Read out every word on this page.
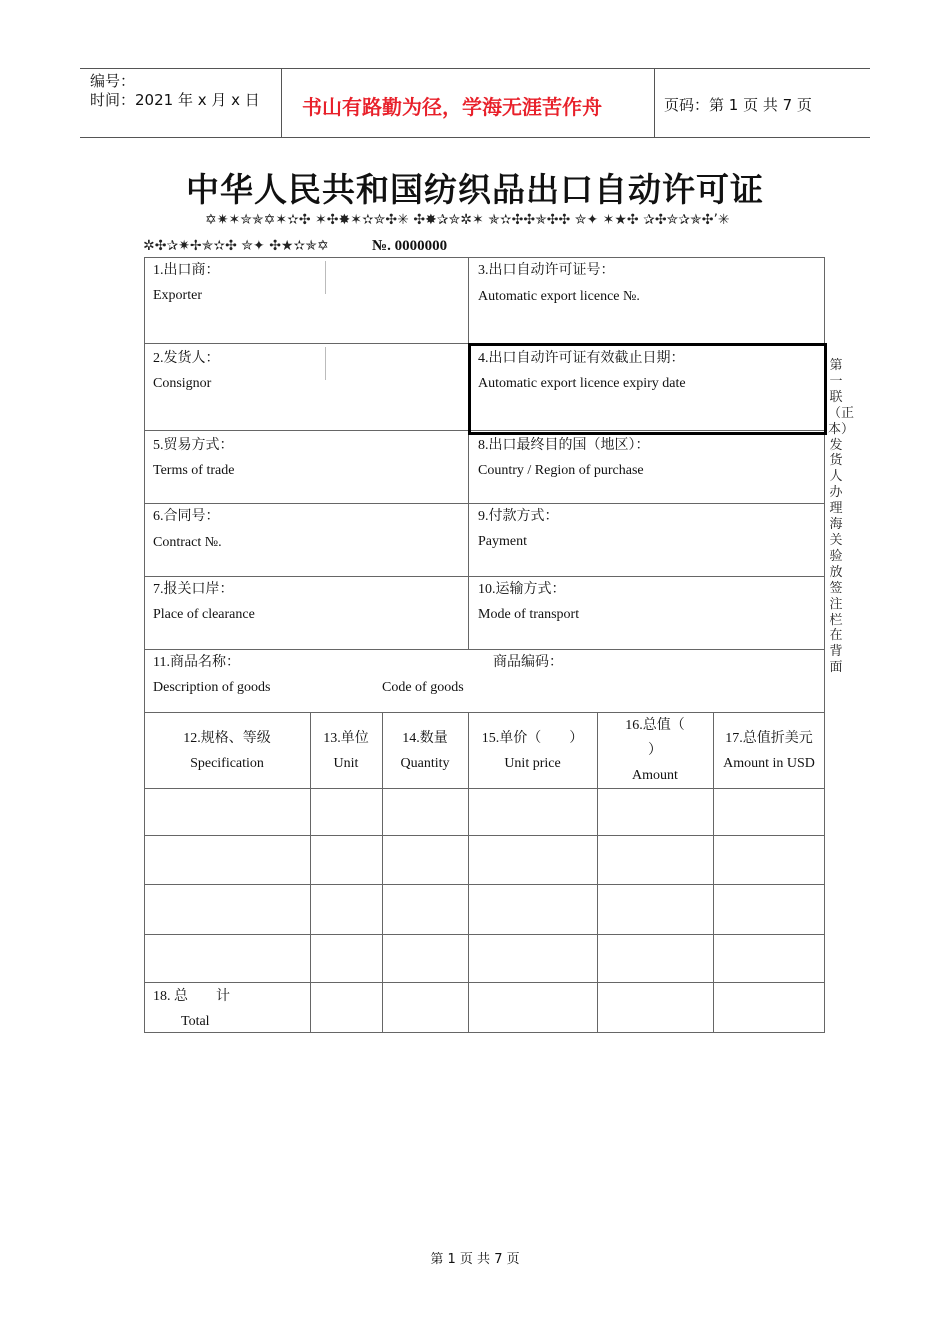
编号：
时间：2021 年 x 月 x 日 书山有路勤为径，学海无涯苦作舟	页码：第 1 页 共 7 页
中华人民共和国纺织品出口自动许可证
✡✷✶✮✯✡✶✫✣ ✶✣✸✶✫✮✣✳ ✣✸✰✮✲✶ ✯✫✣✣✯✣✣ ✮✦ ✶★✣ ✰✣✮✰✯✣’✳
✲✣✰✷✢✯✫✣ ✮✦ ✣★✫✯✡	№. 0000000
1.出口商：
Exporter
3.出口自动许可证号：
Automatic export licence №.
2.发货人：
Consignor
4.出口自动许可证有效截止日期：
Automatic export licence expiry date
5.贸易方式：
Terms of trade
8.出口最终目的国（地区）：
Country / Region of purchase
6.合同号：
Contract №.
9.付款方式：
Payment
7.报关口岸：
Place of clearance
10.运输方式：
Mode of transport
11.商品名称：
Description of goods
商品编码：
Code of goods
12.规格、等级
Specification
13.单位
Unit
14.数量
Quantity
15.单价（　　）
Unit price
16.总值（
）
Amount
17.总值折美元
Amount in USD
18. 总　　计
Total
第一联（正本）发货人办理海关验放签注栏在背面
第 1 页 共 7 页
